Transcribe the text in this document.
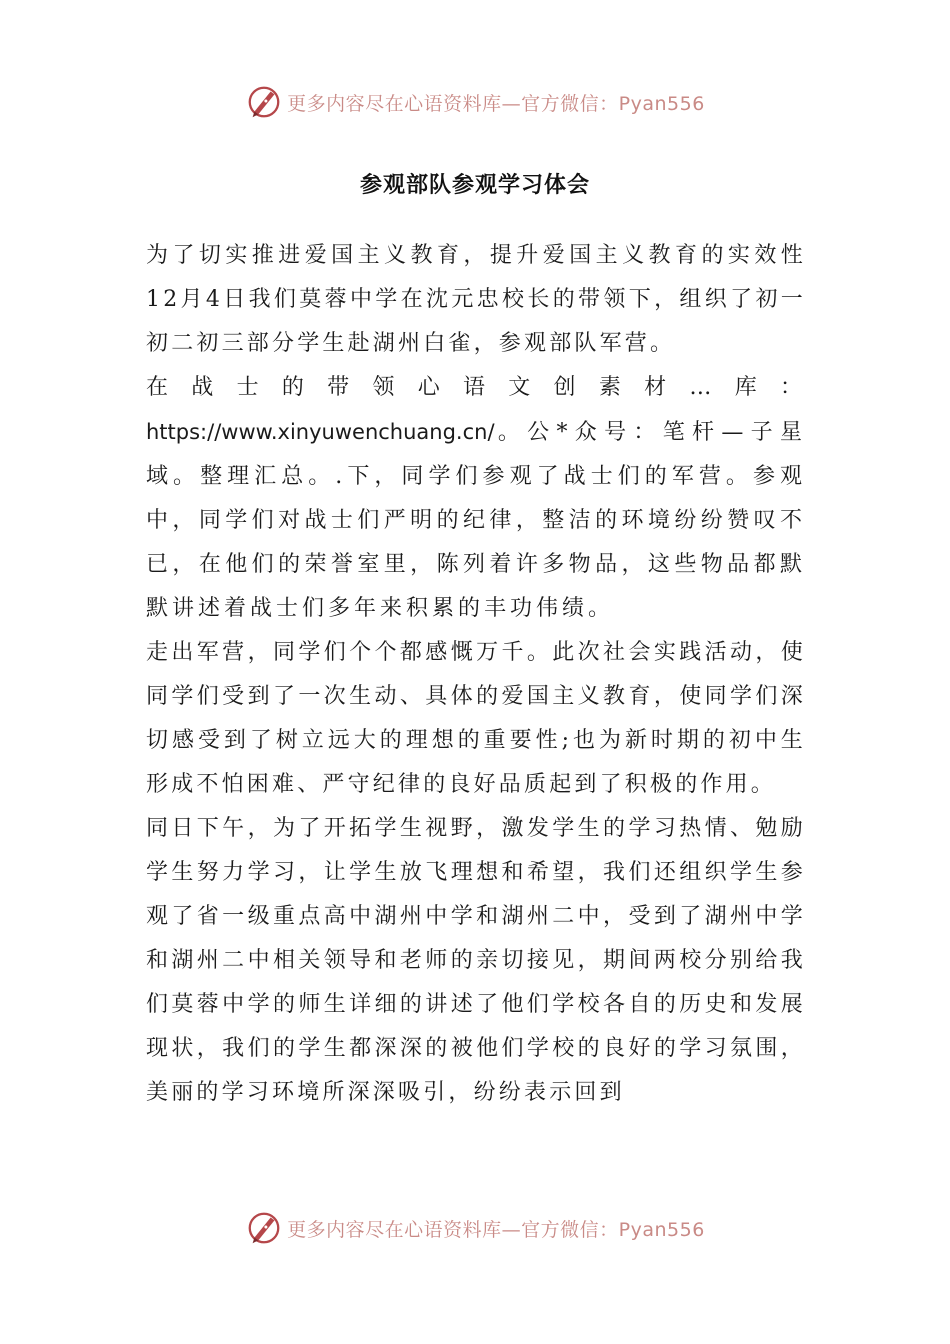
更多内容尽在心语资料库—官方微信：Pyan556
参观部队参观学习体会

为了切实推进爱国主义教育，提升爱国主义教育的实效性12月4日我们莫蓉中学在沈元忠校长的带领下，组织了初一初二初三部分学生赴湖州白雀，参观部队军营。

在战士的带领心语文创素材…库： https://www.xinyuwenchuang.cn/。公*众号：笔杆—子星域。整理汇总。.下，同学们参观了战士们的军营。参观中，同学们对战士们严明的纪律，整洁的环境纷纷赞叹不已，在他们的荣誉室里，陈列着许多物品，这些物品都默默讲述着战士们多年来积累的丰功伟绩。

走出军营，同学们个个都感慨万千。此次社会实践活动，使同学们受到了一次生动、具体的爱国主义教育，使同学们深切感受到了树立远大的理想的重要性;也为新时期的初中生形成不怕困难、严守纪律的良好品质起到了积极的作用。

同日下午，为了开拓学生视野，激发学生的学习热情、勉励学生努力学习，让学生放飞理想和希望，我们还组织学生参观了省一级重点高中湖州中学和湖州二中，受到了湖州中学和湖州二中相关领导和老师的亲切接见，期间两校分别给我们莫蓉中学的师生详细的讲述了他们学校各自的历史和发展现状，我们的学生都深深的被他们学校的良好的学习氛围，美丽的学习环境所深深吸引，纷纷表示回到

更多内容尽在心语资料库—官方微信：Pyan556
